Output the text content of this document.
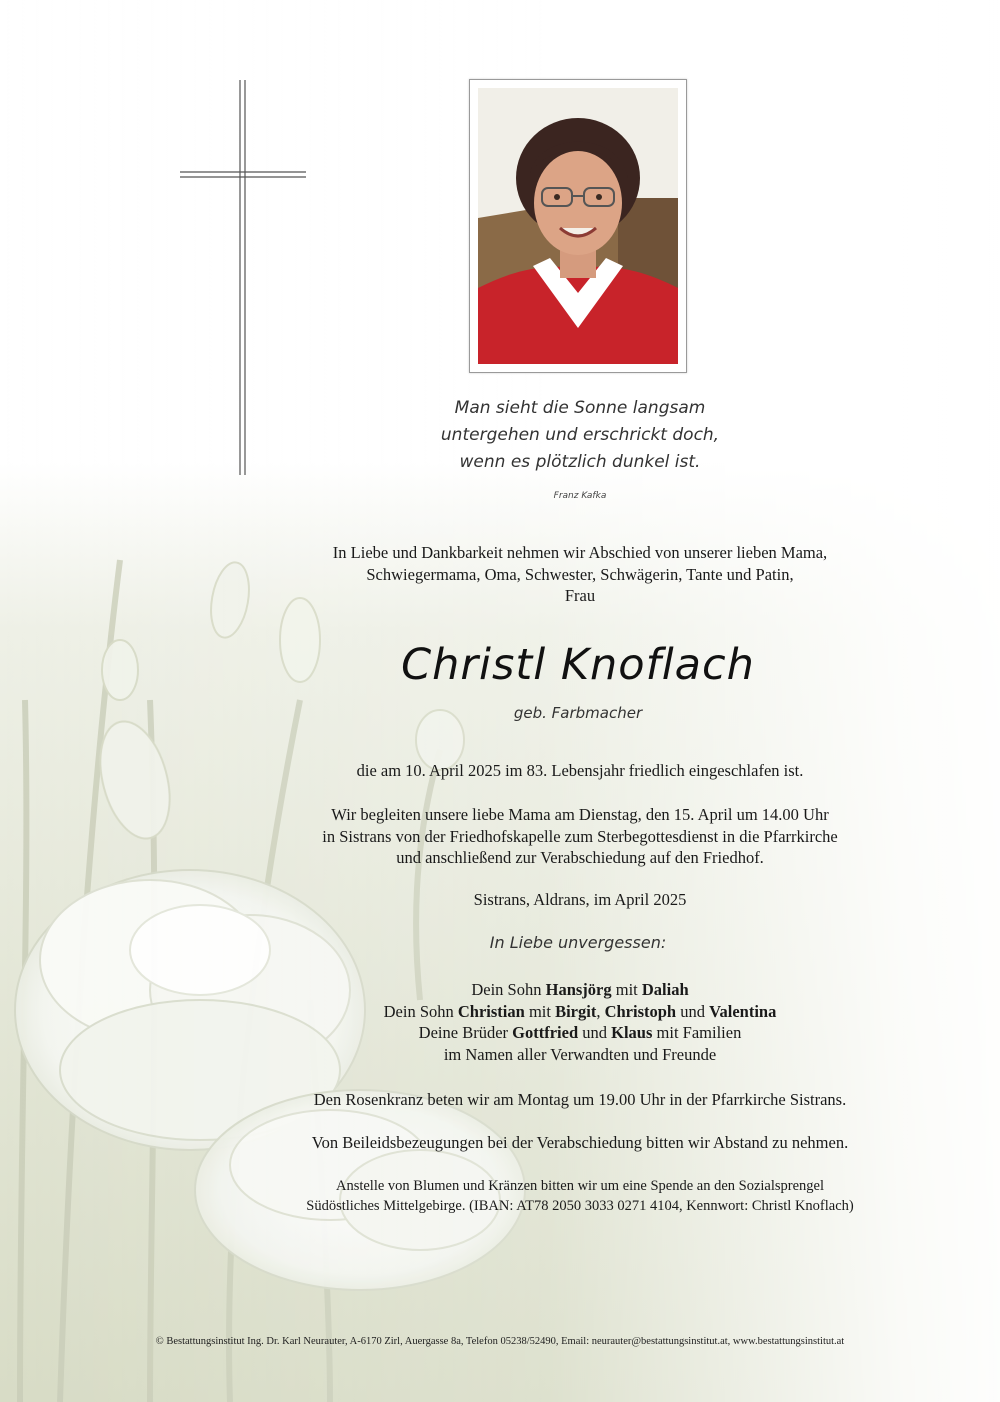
Man sieht die Sonne langsam
untergehen und erschrickt doch,
wenn es plötzlich dunkel ist.
Franz Kafka
In Liebe und Dankbarkeit nehmen wir Abschied von unserer lieben Mama,
Schwiegermama, Oma, Schwester, Schwägerin, Tante und Patin,
Frau
Christl Knoflach
geb. Farbmacher
die am 10. April 2025 im 83. Lebensjahr friedlich eingeschlafen ist.
Wir begleiten unsere liebe Mama am Dienstag, den 15. April um 14.00 Uhr
in Sistrans von der Friedhofskapelle zum Sterbegottesdienst in die Pfarrkirche
und anschließend zur Verabschiedung auf den Friedhof.
Sistrans, Aldrans, im April 2025
In Liebe unvergessen:
Dein Sohn Hansjörg mit Daliah
Dein Sohn Christian mit Birgit, Christoph und Valentina
Deine Brüder Gottfried und Klaus mit Familien
im Namen aller Verwandten und Freunde
Den Rosenkranz beten wir am Montag um 19.00 Uhr in der Pfarrkirche Sistrans.
Von Beileidsbezeugungen bei der Verabschiedung bitten wir Abstand zu nehmen.
Anstelle von Blumen und Kränzen bitten wir um eine Spende an den Sozialsprengel
Südöstliches Mittelgebirge. (IBAN: AT78 2050 3033 0271 4104, Kennwort: Christl Knoflach)
© Bestattungsinstitut Ing. Dr. Karl Neurauter, A-6170 Zirl, Auergasse 8a, Telefon 05238/52490, Email: neurauter@bestattungsinstitut.at, www.bestattungsinstitut.at
